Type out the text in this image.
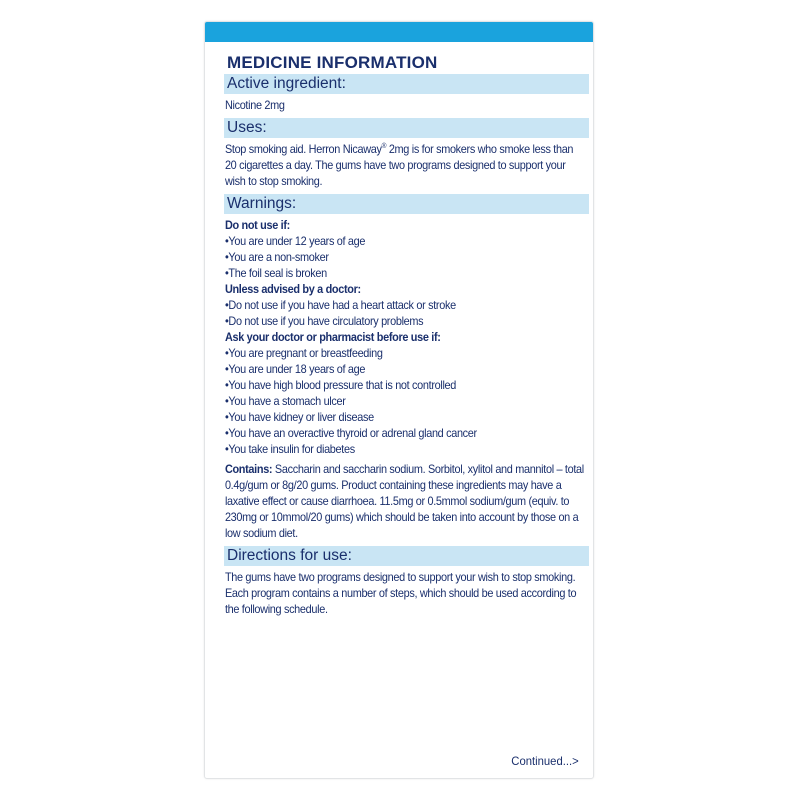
MEDICINE INFORMATION
Active ingredient:
Nicotine 2mg
Uses:
Stop smoking aid. Herron Nicaway® 2mg is for smokers who smoke less than 20 cigarettes a day. The gums have two programs designed to support your wish to stop smoking.
Warnings:
Do not use if:
• You are under 12 years of age
• You are a non-smoker
• The foil seal is broken
Unless advised by a doctor:
• Do not use if you have had a heart attack or stroke
• Do not use if you have circulatory problems
Ask your doctor or pharmacist before use if:
• You are pregnant or breastfeeding
• You are under 18 years of age
• You have high blood pressure that is not controlled
• You have a stomach ulcer
• You have kidney or liver disease
• You have an overactive thyroid or adrenal gland cancer
• You take insulin for diabetes
Contains: Saccharin and saccharin sodium. Sorbitol, xylitol and mannitol – total 0.4g/gum or 8g/20 gums. Product containing these ingredients may have a laxative effect or cause diarrhoea. 11.5mg or 0.5mmol sodium/gum (equiv. to 230mg or 10mmol/20 gums) which should be taken into account by those on a low sodium diet.
Directions for use:
The gums have two programs designed to support your wish to stop smoking. Each program contains a number of steps, which should be used according to the following schedule.
Continued...>
